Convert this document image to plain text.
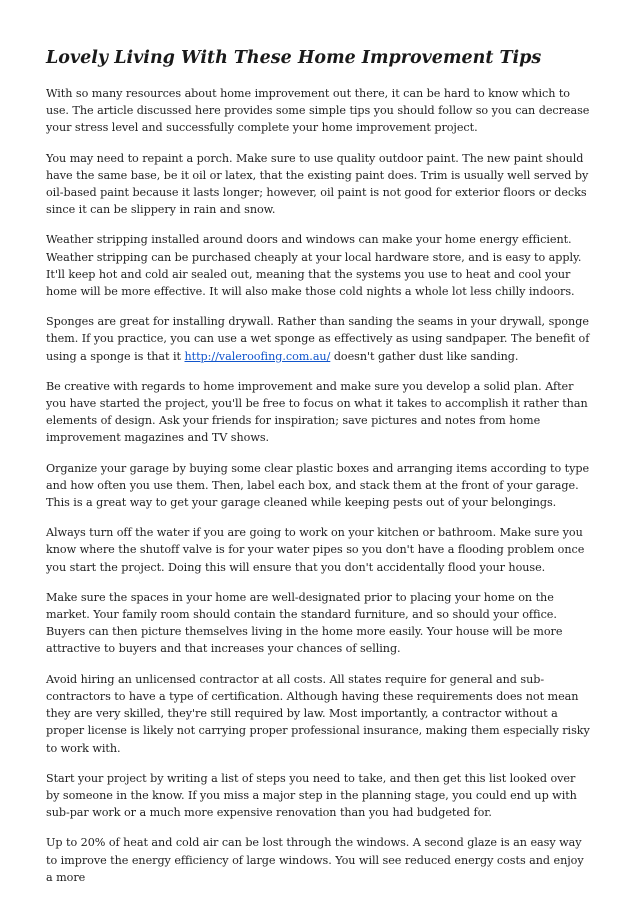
Lovely Living With These Home Improvement Tips

With so many resources about home improvement out there, it can be hard to know which to use. The article discussed here provides some simple tips you should follow so you can decrease your stress level and successfully complete your home improvement project.

You may need to repaint a porch. Make sure to use quality outdoor paint. The new paint should have the same base, be it oil or latex, that the existing paint does. Trim is usually well served by oil-based paint because it lasts longer; however, oil paint is not good for exterior floors or decks since it can be slippery in rain and snow.

Weather stripping installed around doors and windows can make your home energy efficient. Weather stripping can be purchased cheaply at your local hardware store, and is easy to apply. It'll keep hot and cold air sealed out, meaning that the systems you use to heat and cool your home will be more effective. It will also make those cold nights a whole lot less chilly indoors.

Sponges are great for installing drywall. Rather than sanding the seams in your drywall, sponge them. If you practice, you can use a wet sponge as effectively as using sandpaper. The benefit of using a sponge is that it http://valeroofing.com.au/ doesn't gather dust like sanding.

Be creative with regards to home improvement and make sure you develop a solid plan. After you have started the project, you'll be free to focus on what it takes to accomplish it rather than elements of design. Ask your friends for inspiration; save pictures and notes from home improvement magazines and TV shows.

Organize your garage by buying some clear plastic boxes and arranging items according to type and how often you use them. Then, label each box, and stack them at the front of your garage. This is a great way to get your garage cleaned while keeping pests out of your belongings.

Always turn off the water if you are going to work on your kitchen or bathroom. Make sure you know where the shutoff valve is for your water pipes so you don't have a flooding problem once you start the project. Doing this will ensure that you don't accidentally flood your house.

Make sure the spaces in your home are well-designated prior to placing your home on the market. Your family room should contain the standard furniture, and so should your office. Buyers can then picture themselves living in the home more easily. Your house will be more attractive to buyers and that increases your chances of selling.

Avoid hiring an unlicensed contractor at all costs. All states require for general and sub-contractors to have a type of certification. Although having these requirements does not mean they are very skilled, they're still required by law. Most importantly, a contractor without a proper license is likely not carrying proper professional insurance, making them especially risky to work with.

Start your project by writing a list of steps you need to take, and then get this list looked over by someone in the know. If you miss a major step in the planning stage, you could end up with sub-par work or a much more expensive renovation than you had budgeted for.

Up to 20% of heat and cold air can be lost through the windows. A second glaze is an easy way to improve the energy efficiency of large windows. You will see reduced energy costs and enjoy a more
